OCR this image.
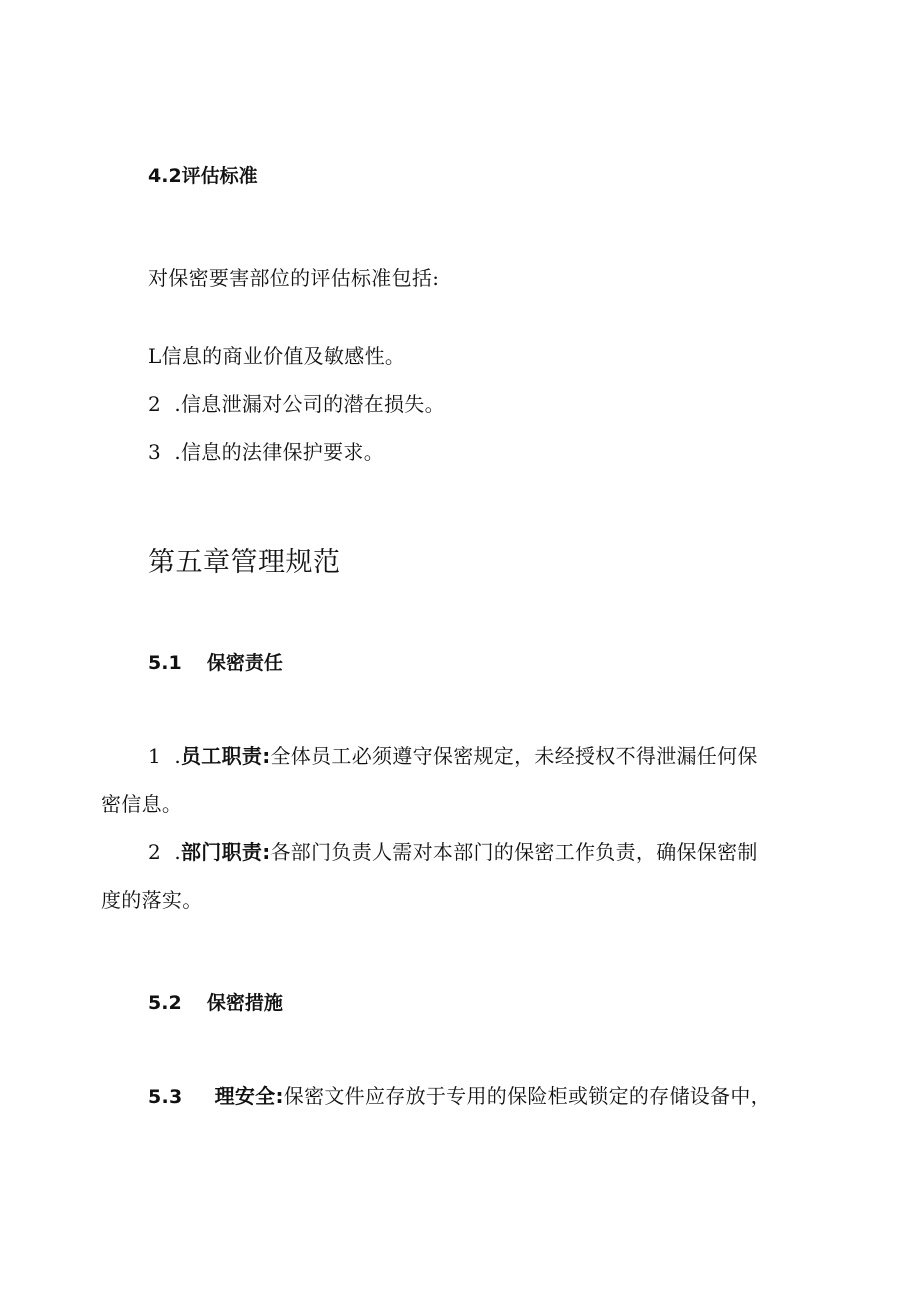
4.2评估标准
对保密要害部位的评估标准包括:
L信息的商业价值及敏感性。
2  .信息泄漏对公司的潜在损失。
3  .信息的法律保护要求。
第五章管理规范
5.1 保密责任
1  .员工职责:全体员工必须遵守保密规定，未经授权不得泄漏任何保
密信息。
2  .部门职责:各部门负责人需对本部门的保密工作负责，确保保密制
度的落实。
5.2 保密措施
5.3 理安全:保密文件应存放于专用的保险柜或锁定的存储设备中，
